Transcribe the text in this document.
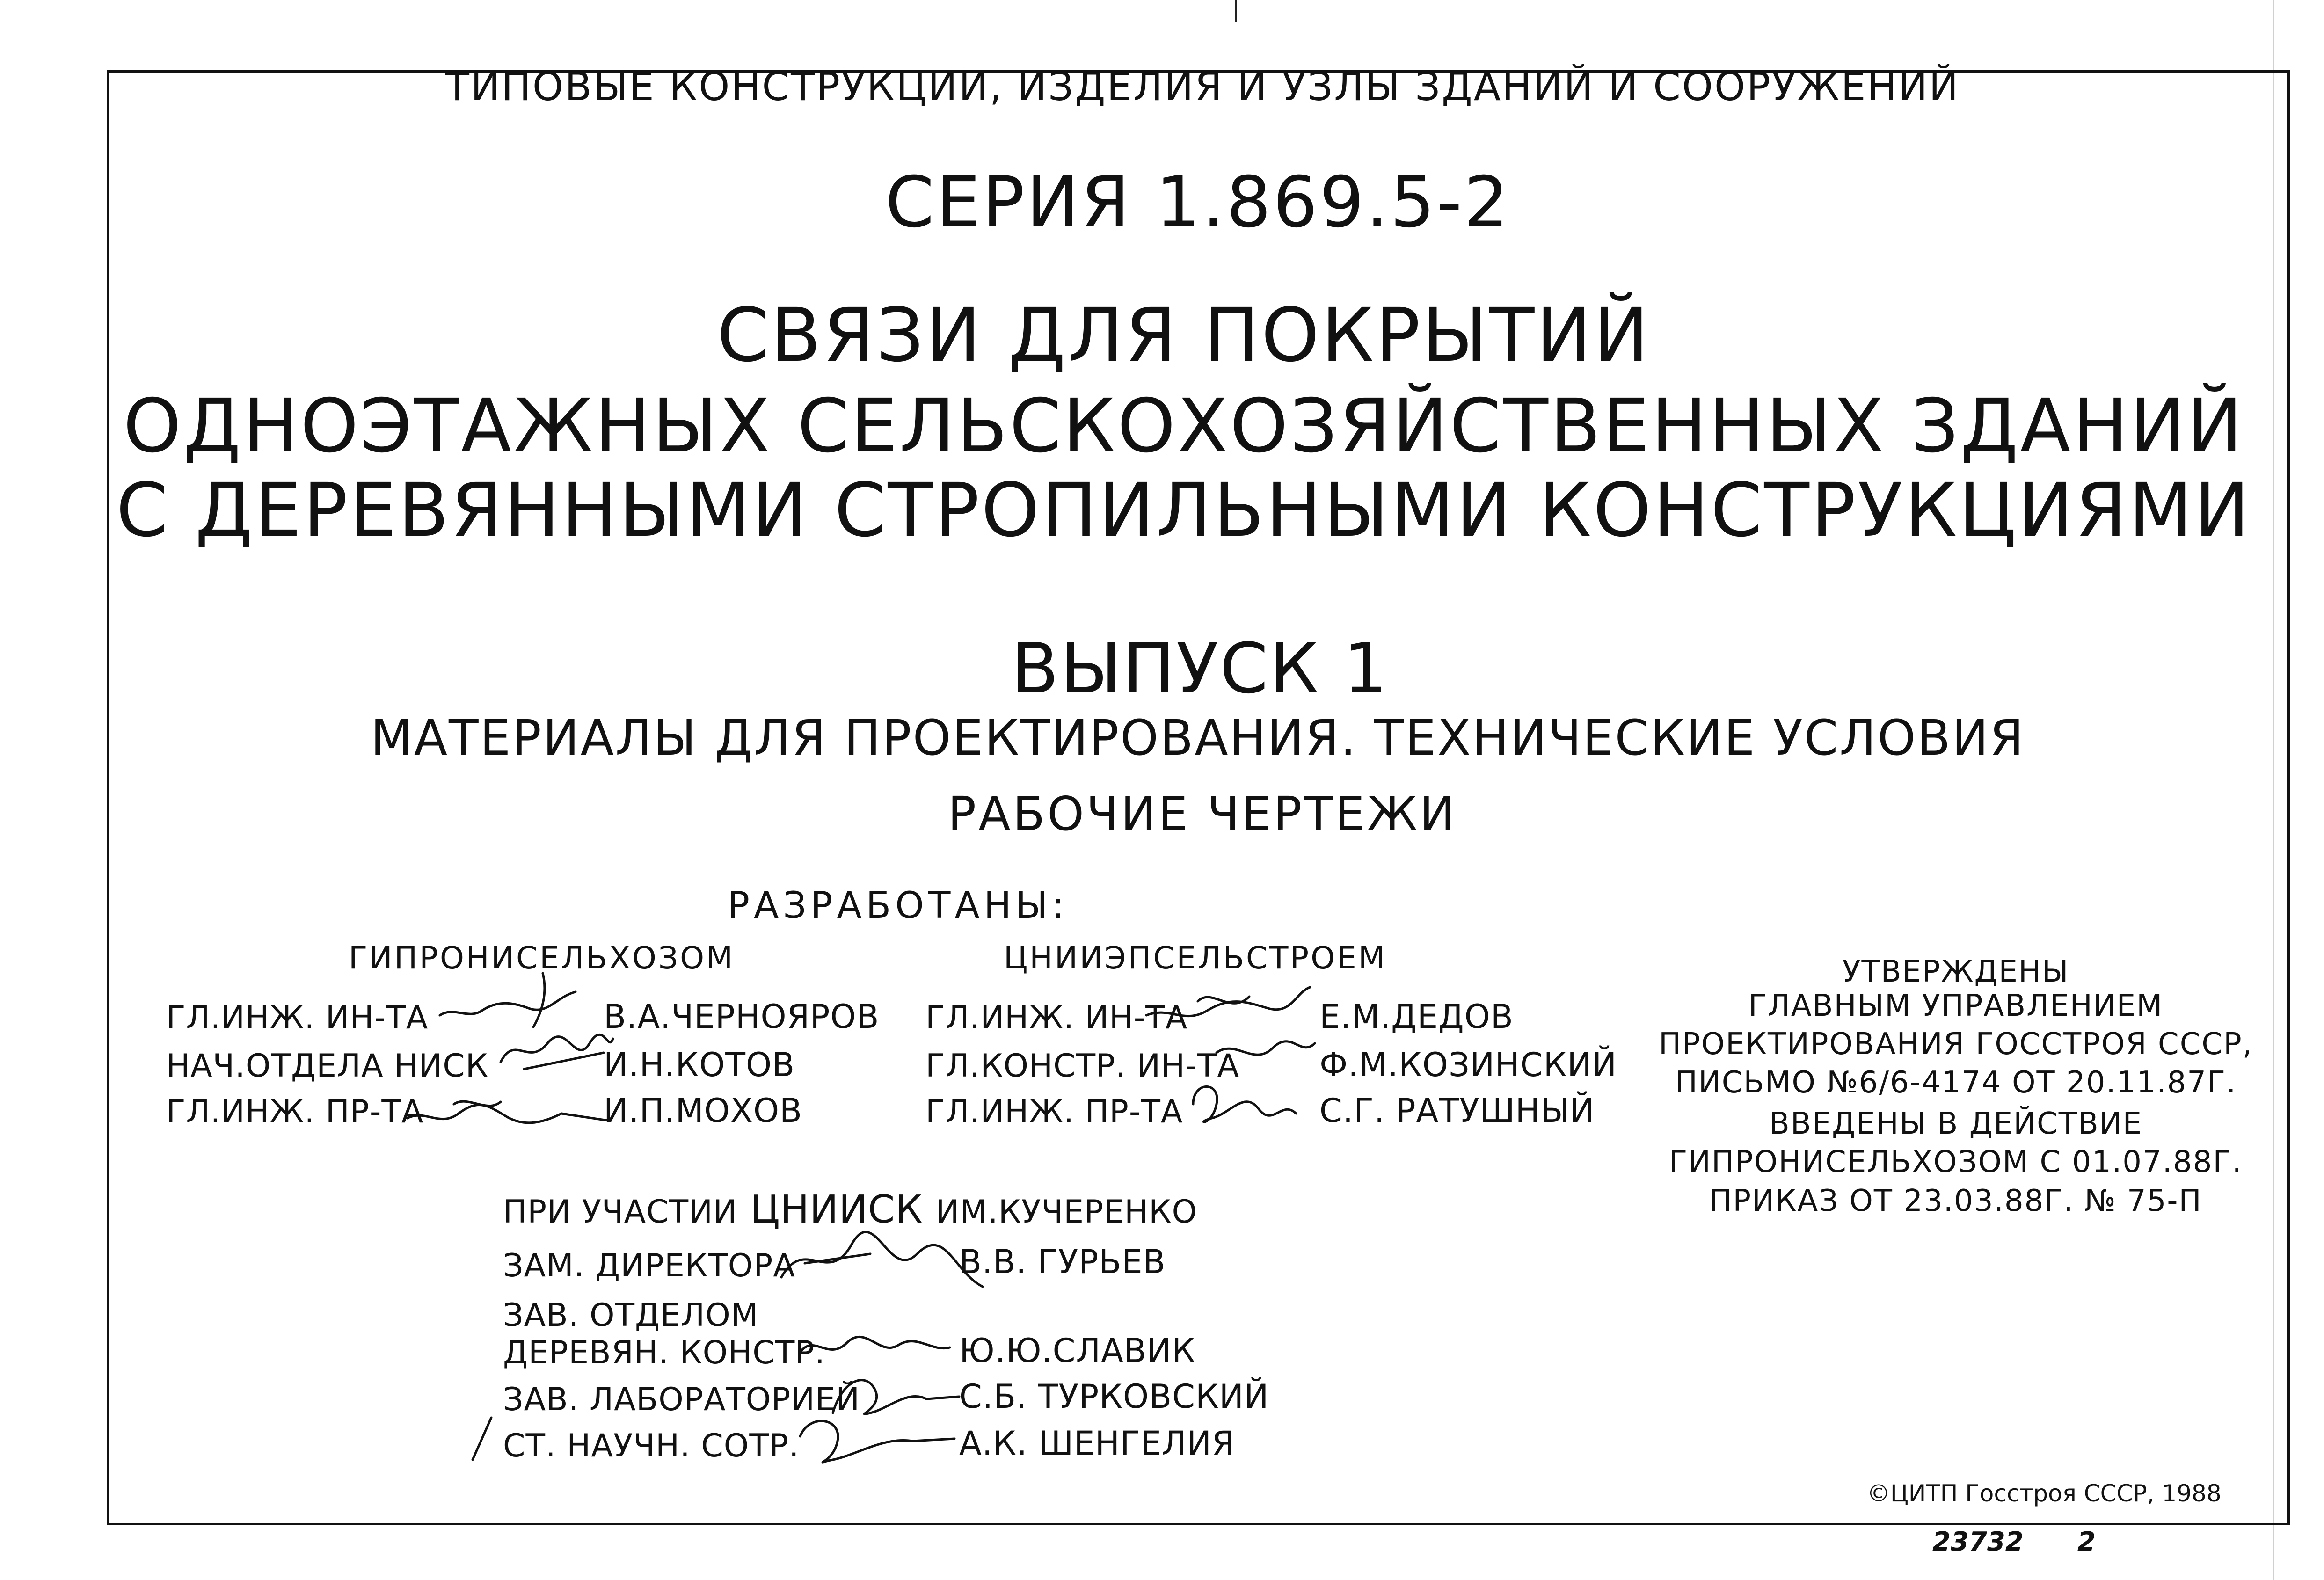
ТИПОВЫЕ КОНСТРУКЦИИ, ИЗДЕЛИЯ И УЗЛЫ ЗДАНИЙ И СООРУЖЕНИЙ
СЕРИЯ 1.869.5-2
СВЯЗИ ДЛЯ ПОКРЫТИЙ
ОДНОЭТАЖНЫХ СЕЛЬСКОХОЗЯЙСТВЕННЫХ ЗДАНИЙ
С ДЕРЕВЯННЫМИ СТРОПИЛЬНЫМИ КОНСТРУКЦИЯМИ
ВЫПУСК 1
МАТЕРИАЛЫ ДЛЯ ПРОЕКТИРОВАНИЯ. ТЕХНИЧЕСКИЕ УСЛОВИЯ
РАБОЧИЕ ЧЕРТЕЖИ
РАЗРАБОТАНЫ:
ГИПРОНИСЕЛЬХОЗОМ	ЦНИИЭПСЕЛЬСТРОЕМ
ГЛ.ИНЖ. ИН-ТА	В.А.ЧЕРНОЯРОВ
НАЧ.ОТДЕЛА НИСК	И.Н.КОТОВ
ГЛ.ИНЖ. ПР-ТА	И.П.МОХОВ
ГЛ.ИНЖ. ИН-ТА	Е.М.ДЕДОВ
ГЛ.КОНСТР. ИН-ТА Ф.М.КОЗИНСКИЙ
ГЛ.ИНЖ. ПР-ТА	С.Г. РАТУШНЫЙ
УТВЕРЖДЕНЫ
ГЛАВНЫМ УПРАВЛЕНИЕМ
ПРОЕКТИРОВАНИЯ ГОССТРОЯ СССР,
ПИСЬМО №6/6-4174 ОТ 20.11.87Г.
ВВЕДЕНЫ В ДЕЙСТВИЕ
ГИПРОНИСЕЛЬХОЗОМ С 01.07.88Г.
ПРИКАЗ ОТ 23.03.88Г. № 75-П
ПРИ УЧАСТИИ ЦНИИСК ИМ.КУЧЕРЕНКО
ЗАМ. ДИРЕКТОРА	В.В. ГУРЬЕВ
ЗАВ. ОТДЕЛОМ
ДЕРЕВЯН. КОНСТР.	Ю.Ю.СЛАВИК
ЗАВ. ЛАБОРАТОРИЕЙ	С.Б. ТУРКОВСКИЙ
СТ. НАУЧН. СОТР.	А.К. ШЕНГЕЛИЯ
©ЦИТП Госстроя СССР, 1988
23732 2
